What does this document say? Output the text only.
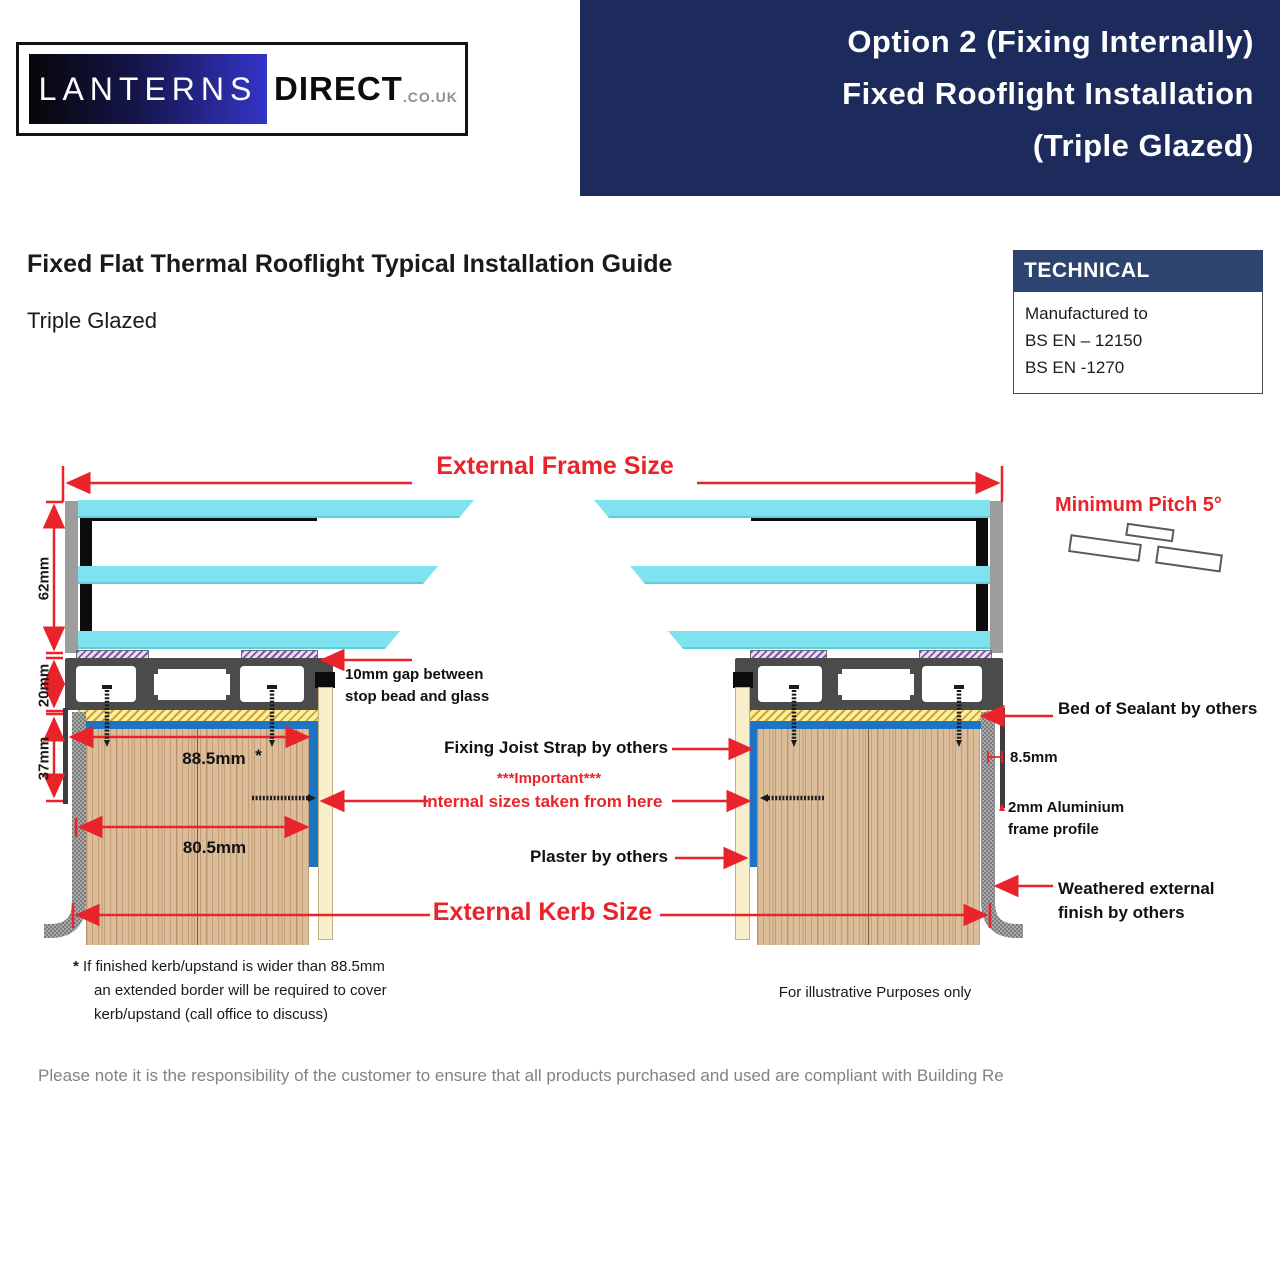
Option 2 (Fixing Internally)
Fixed Rooflight Installation
(Triple Glazed)
LANTERNS DIRECT .CO.UK
Fixed Flat Thermal Rooflight Typical Installation Guide
Triple Glazed
TECHNICAL
Manufactured to
BS EN – 12150
BS EN -1270
External Frame Size
Minimum Pitch 5°
62mm
20mm
37mm	88.5mm *
80.5mm
10mm gap between
stop bead and glass
Fixing Joist Strap by others
***Important***
Internal sizes taken from here
Plaster by others
External Kerb Size
Bed of Sealant by others
8.5mm
2mm Aluminium
frame profile
Weathered external
finish by others
* If finished kerb/upstand is wider than 88.5mm
an extended border will be required to cover
kerb/upstand (call office to discuss)
For illustrative Purposes only
Please note it is the responsibility of the customer to ensure that all products purchased and used are compliant with Building Re
